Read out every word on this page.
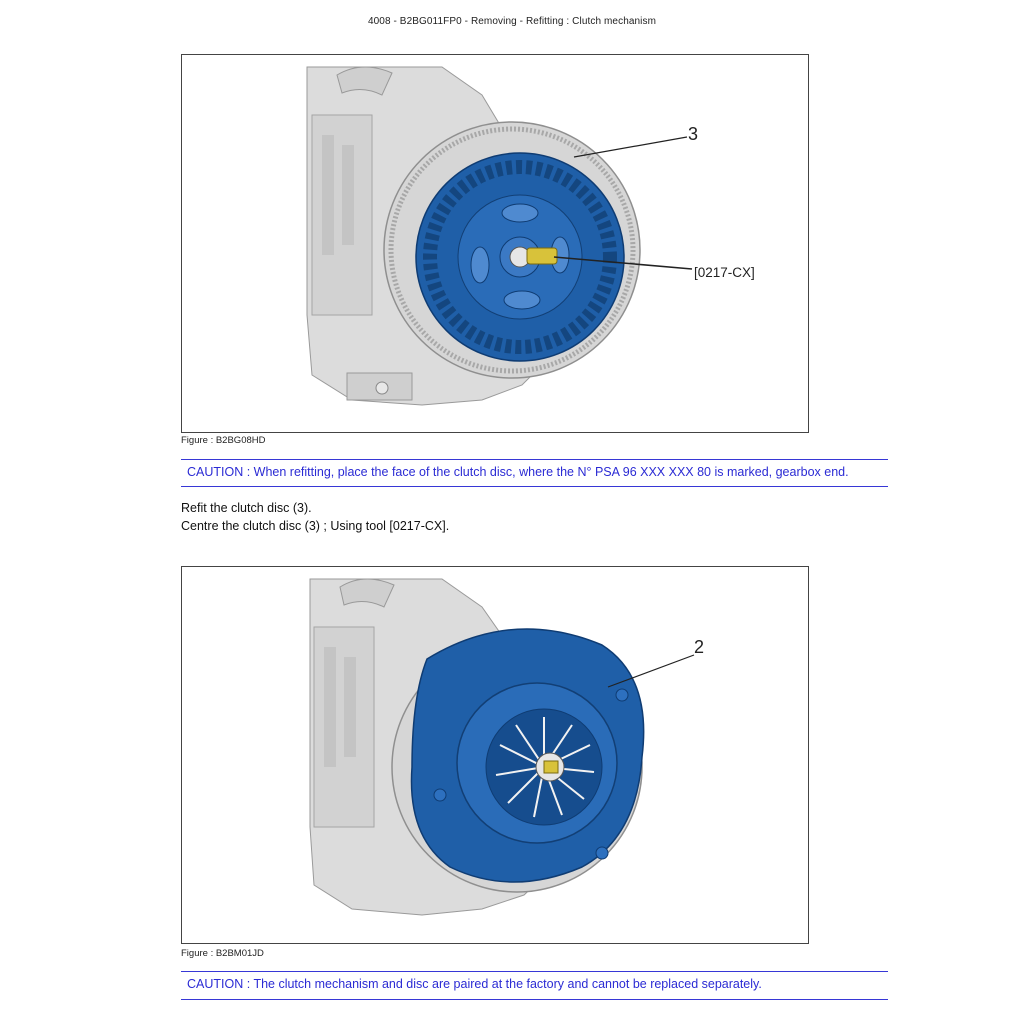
4008 - B2BG011FP0 - Removing - Refitting : Clutch mechanism
3
[0217-CX]
Figure : B2BG08HD
CAUTION : When refitting, place the face of the clutch disc, where the N° PSA 96 XXX XXX 80 is marked, gearbox end.
Refit the clutch disc (3).
Centre the clutch disc (3) ; Using tool [0217-CX].
2
Figure : B2BM01JD
CAUTION : The clutch mechanism and disc are paired at the factory and cannot be replaced separately.
